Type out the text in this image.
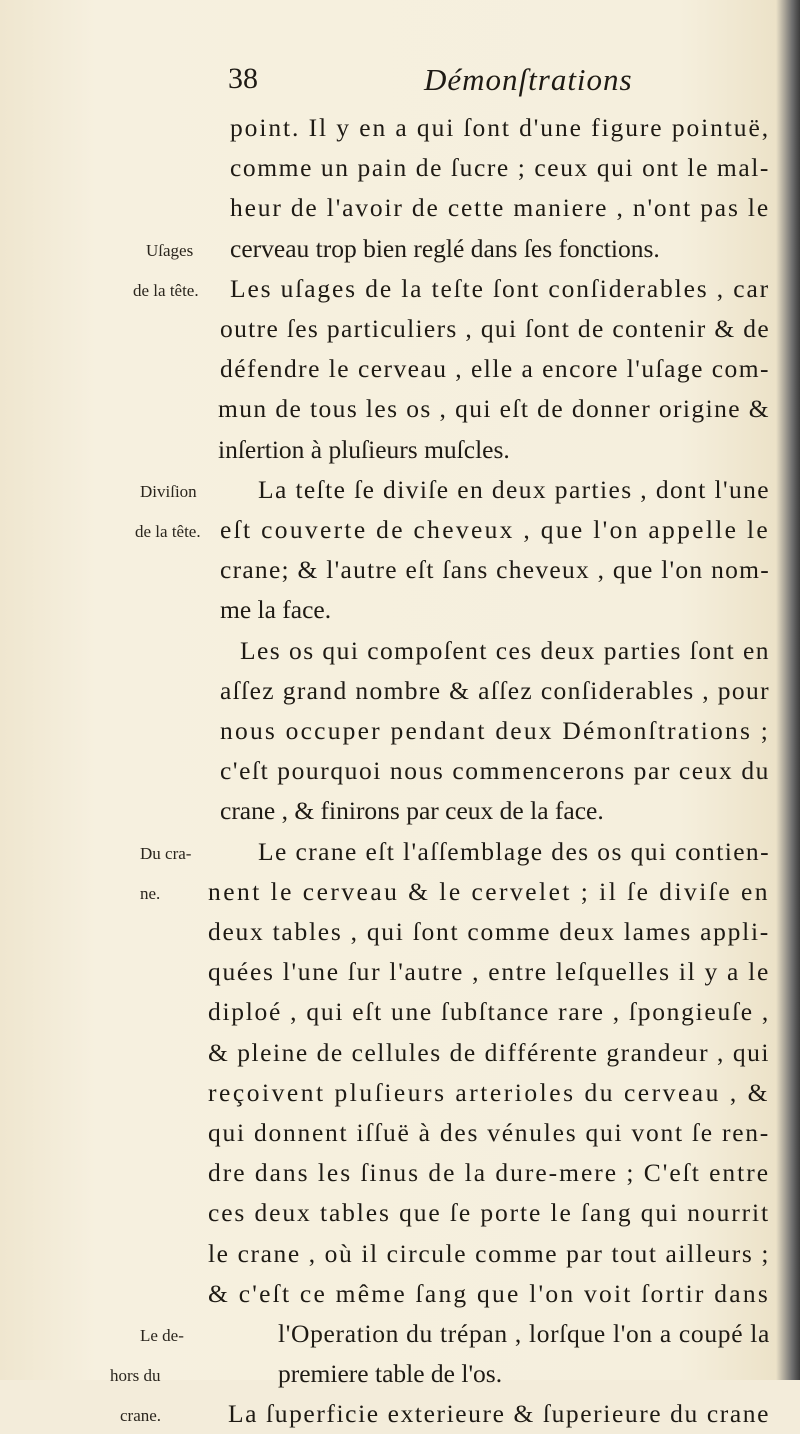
38	Démonſtrations
point. Il y en a qui ſont d'une figure pointuë,
comme un pain de ſucre ; ceux qui ont le mal-
heur de l'avoir de cette maniere , n'ont pas le
cerveau trop bien reglé dans ſes fonctions.
Les uſages de la teſte ſont conſiderables , car
outre ſes particuliers , qui ſont de contenir & de
défendre le cerveau , elle a encore l'uſage com-
mun de tous les os , qui eſt de donner origine &
inſertion à pluſieurs muſcles.
La teſte ſe diviſe en deux parties , dont l'une
eſt couverte de cheveux , que l'on appelle le
crane; & l'autre eſt ſans cheveux , que l'on nom-
me la face.
Les os qui compoſent ces deux parties ſont en
aſſez grand nombre & aſſez conſiderables , pour
nous occuper pendant deux Démonſtrations ;
c'eſt pourquoi nous commencerons par ceux du
crane , & finirons par ceux de la face.
Le crane eſt l'aſſemblage des os qui contien-
nent le cerveau & le cervelet ; il ſe diviſe en
deux tables , qui ſont comme deux lames appli-
quées l'une ſur l'autre , entre leſquelles il y a le
diploé , qui eſt une ſubſtance rare , ſpongieuſe ,
& pleine de cellules de différente grandeur , qui
reçoivent pluſieurs arterioles du cerveau , &
qui donnent iſſuë à des vénules qui vont ſe ren-
dre dans les ſinus de la dure-mere ; C'eſt entre
ces deux tables que ſe porte le ſang qui nourrit
le crane , où il circule comme par tout ailleurs ;
& c'eſt ce même ſang que l'on voit ſortir dans
l'Operation du trépan , lorſque l'on a coupé la
premiere table de l'os.
La ſuperficie exterieure & ſuperieure du crane
Uſages
de la tête.
Diviſion
de la tête.
Du cra-
ne.
Le de-
hors du
crane.
